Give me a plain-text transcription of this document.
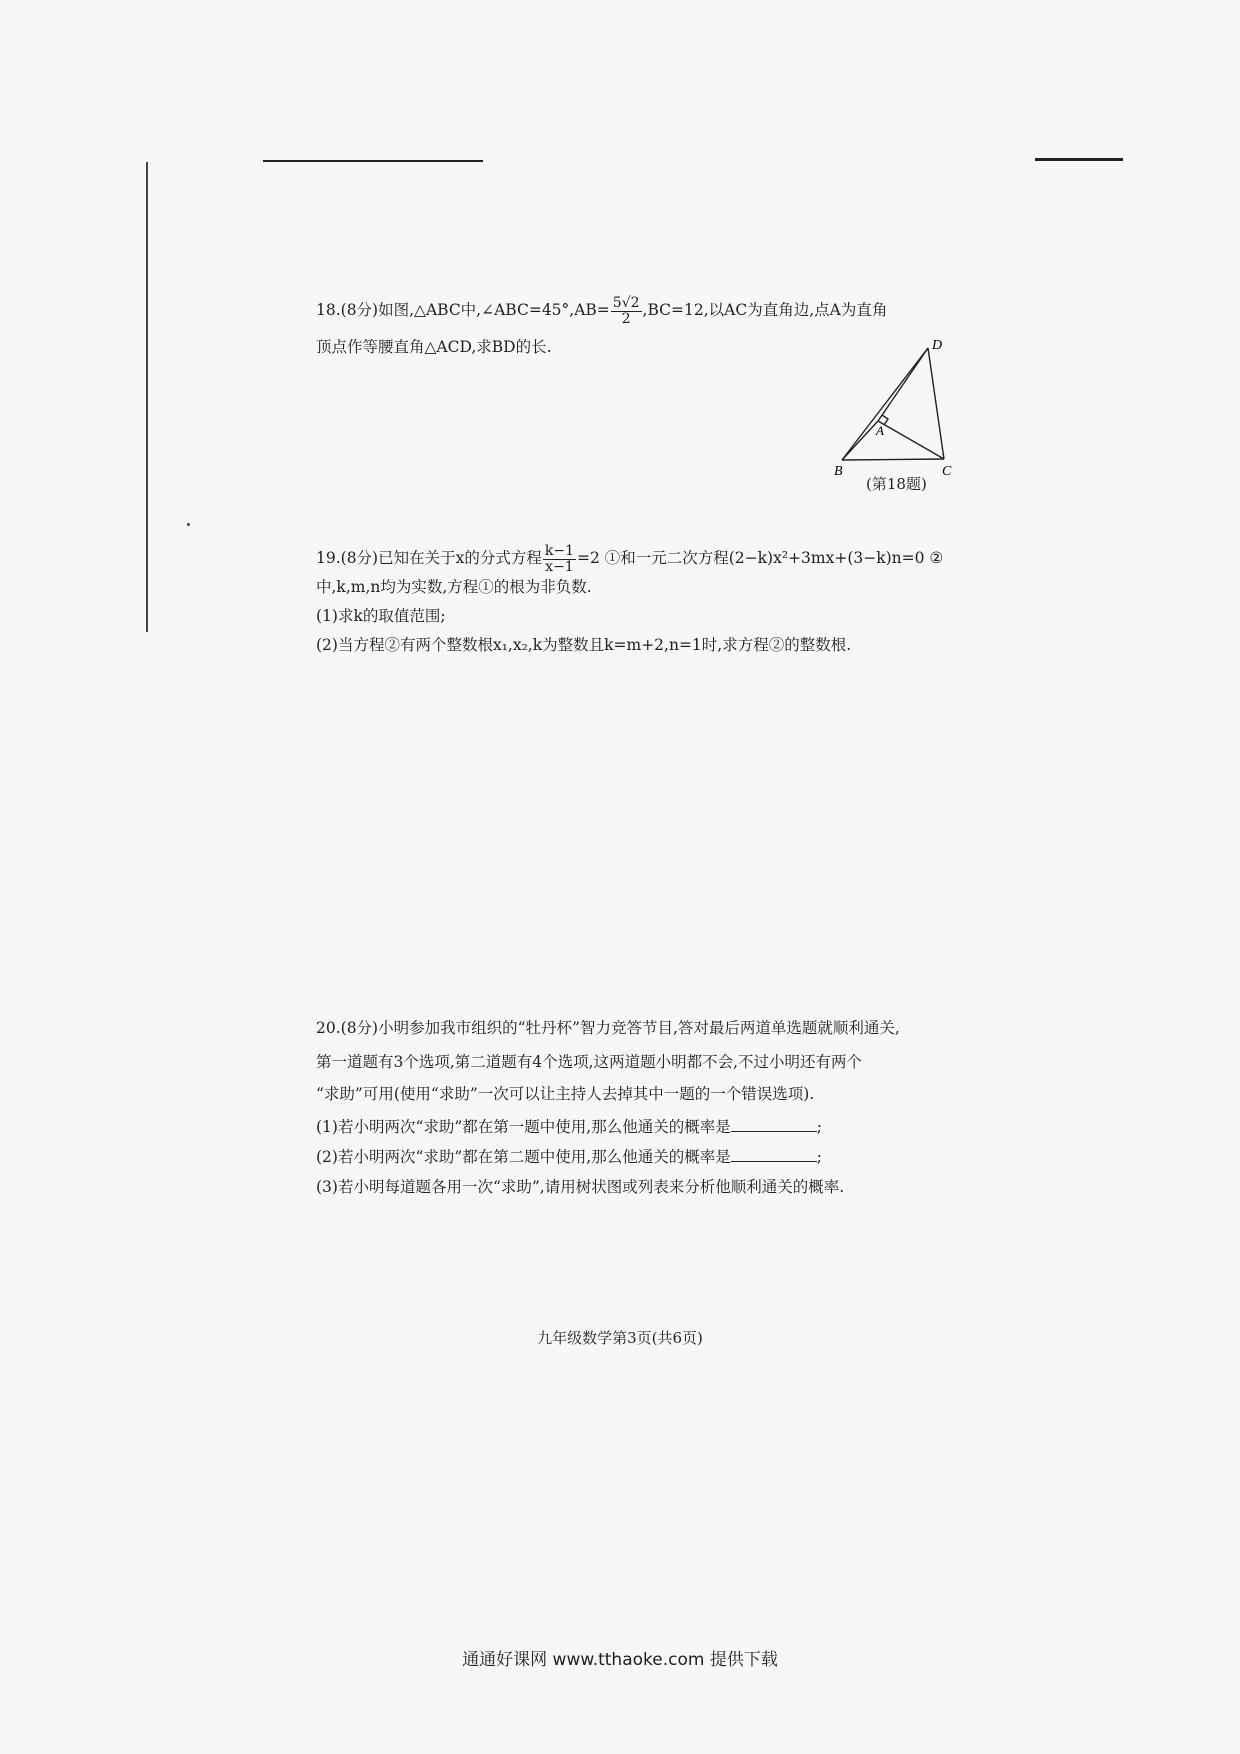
18.(8分)如图,△ABC中,∠ABC=45°,AB= $\frac{5√2}{2} ,BC=12$,以AC为直角边,点A为直角
顶点作等腰直角△ACD,求BD的长.	D
A
B	C
(第18题)
19.(8分)已知在关于x的分式方程 $\frac{k-1}{x-1} =2$ ①和一元二次方程(2−k)x²+3mx+(3−k)n=0 ②
中,k,m,n均为实数,方程①的根为非负数.
(1)求k的取值范围;
(2)当方程②有两个整数根x₁,x₂,k为整数且k=m+2,n=1时,求方程②的整数根.
20.(8分)小明参加我市组织的“牡丹杯”智力竞答节目,答对最后两道单选题就顺利通关,
第一道题有3个选项,第二道题有4个选项,这两道题小明都不会,不过小明还有两个
“求助”可用(使用“求助”一次可以让主持人去掉其中一题的一个错误选项).
(1)若小明两次“求助”都在第一题中使用,那么他通关的概率是	;
(2)若小明两次“求助”都在第二题中使用,那么他通关的概率是	;
(3)若小明每道题各用一次“求助”,请用树状图或列表来分析他顺利通关的概率.
九年级数学第3页(共6页)
通通好课网 www.tthaoke.com 提供下载
